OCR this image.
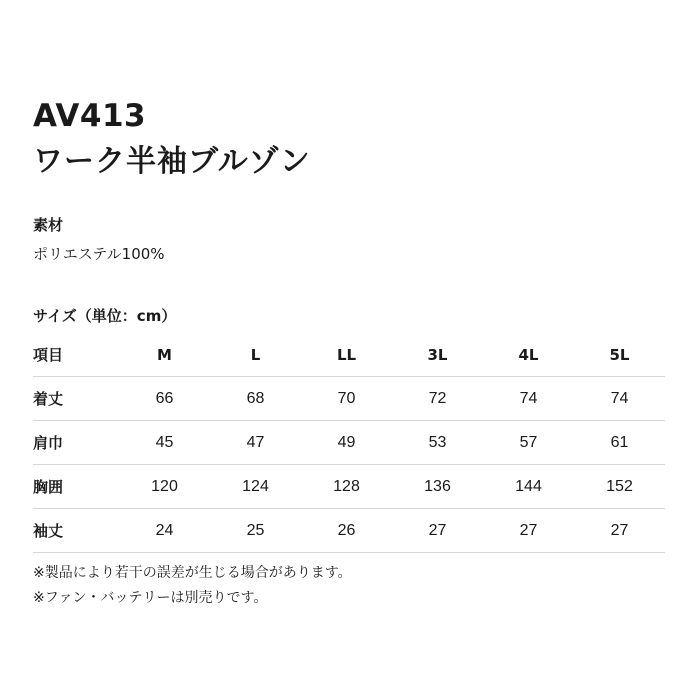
AV413
ワーク半袖ブルゾン
素材
ポリエステル100%
サイズ（単位：cm）
項目	M	L	LL	3L	4L	5L
着丈	66	68	70	72	74	74
肩巾	45	47	49	53	57	61
胸囲	120	124	128	136	144	152
袖丈	24	25	26	27	27	27
※製品により若干の誤差が生じる場合があります。
※ファン・バッテリーは別売りです。
